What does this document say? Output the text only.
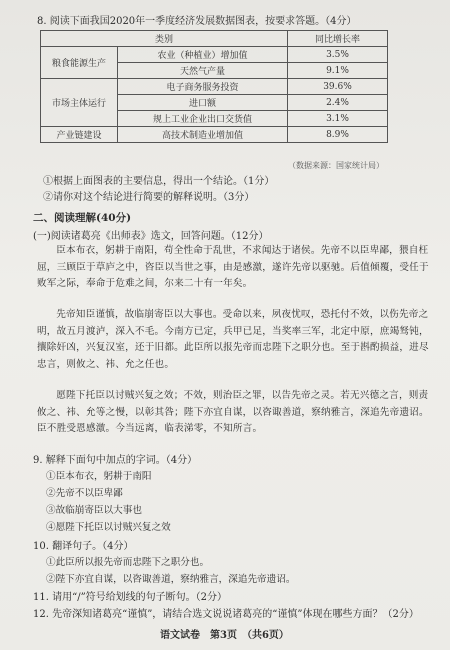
8. 阅读下面我国2020年一季度经济发展数据图表，按要求答题。（4分）
类别		同比增长率
粮食能源生产	农业（种植业）增加值	3.5%
	天然气产量	9.1%
市场主体运行	电子商务服务投资	39.6%
	进口额	2.4%
	规上工业企业出口交货值	3.1%
产业链建设	高技术制造业增加值	8.9%
（数据来源：国家统计局）
①根据上面图表的主要信息，得出一个结论。（1分）
②请你对这个结论进行简要的解释说明。（3分）
二、阅读理解(40分)
(一)阅读诸葛亮《出师表》选文，回答问题。（12分）
臣本布衣，躬耕于南阳，苟全性命于乱世，不求闻达于诸侯。先帝不以臣卑鄙，猥自枉屈，三顾臣于草庐之中，咨臣以当世之事，由是感激，遂许先帝以驱驰。后值倾覆，受任于败军之际，奉命于危难之间，尔来二十有一年矣。
先帝知臣谨慎，故临崩寄臣以大事也。受命以来，夙夜忧叹，恐托付不效，以伤先帝之明，故五月渡泸，深入不毛。今南方已定，兵甲已足，当奖率三军，北定中原，庶竭驽钝，攘除奸凶，兴复汉室，还于旧都。此臣所以报先帝而忠陛下之职分也。至于斟酌损益，进尽忠言，则攸之、祎、允之任也。
愿陛下托臣以讨贼兴复之效；不效，则治臣之罪，以告先帝之灵。若无兴德之言，则责攸之、祎、允等之慢，以彰其咎；陛下亦宜自谋，以咨诹善道，察纳雅言，深追先帝遗诏。臣不胜受恩感激。今当远离，临表涕零，不知所言。
9. 解释下面句中加点的字词。（4分）
①臣本布衣，躬耕于南阳
②先帝不以臣卑鄙
③故临崩寄臣以大事也
④愿陛下托臣以讨贼兴复之效
10. 翻译句子。（4分）
①此臣所以报先帝而忠陛下之职分也。
②陛下亦宜自谋，以咨诹善道，察纳雅言，深追先帝遗诏。
11. 请用“/”符号给划线的句子断句。（2分）
12. 先帝深知诸葛亮“谨慎”，请结合选文说说诸葛亮的“谨慎”体现在哪些方面？（2分）
语文试卷　第3页　（共6页）
